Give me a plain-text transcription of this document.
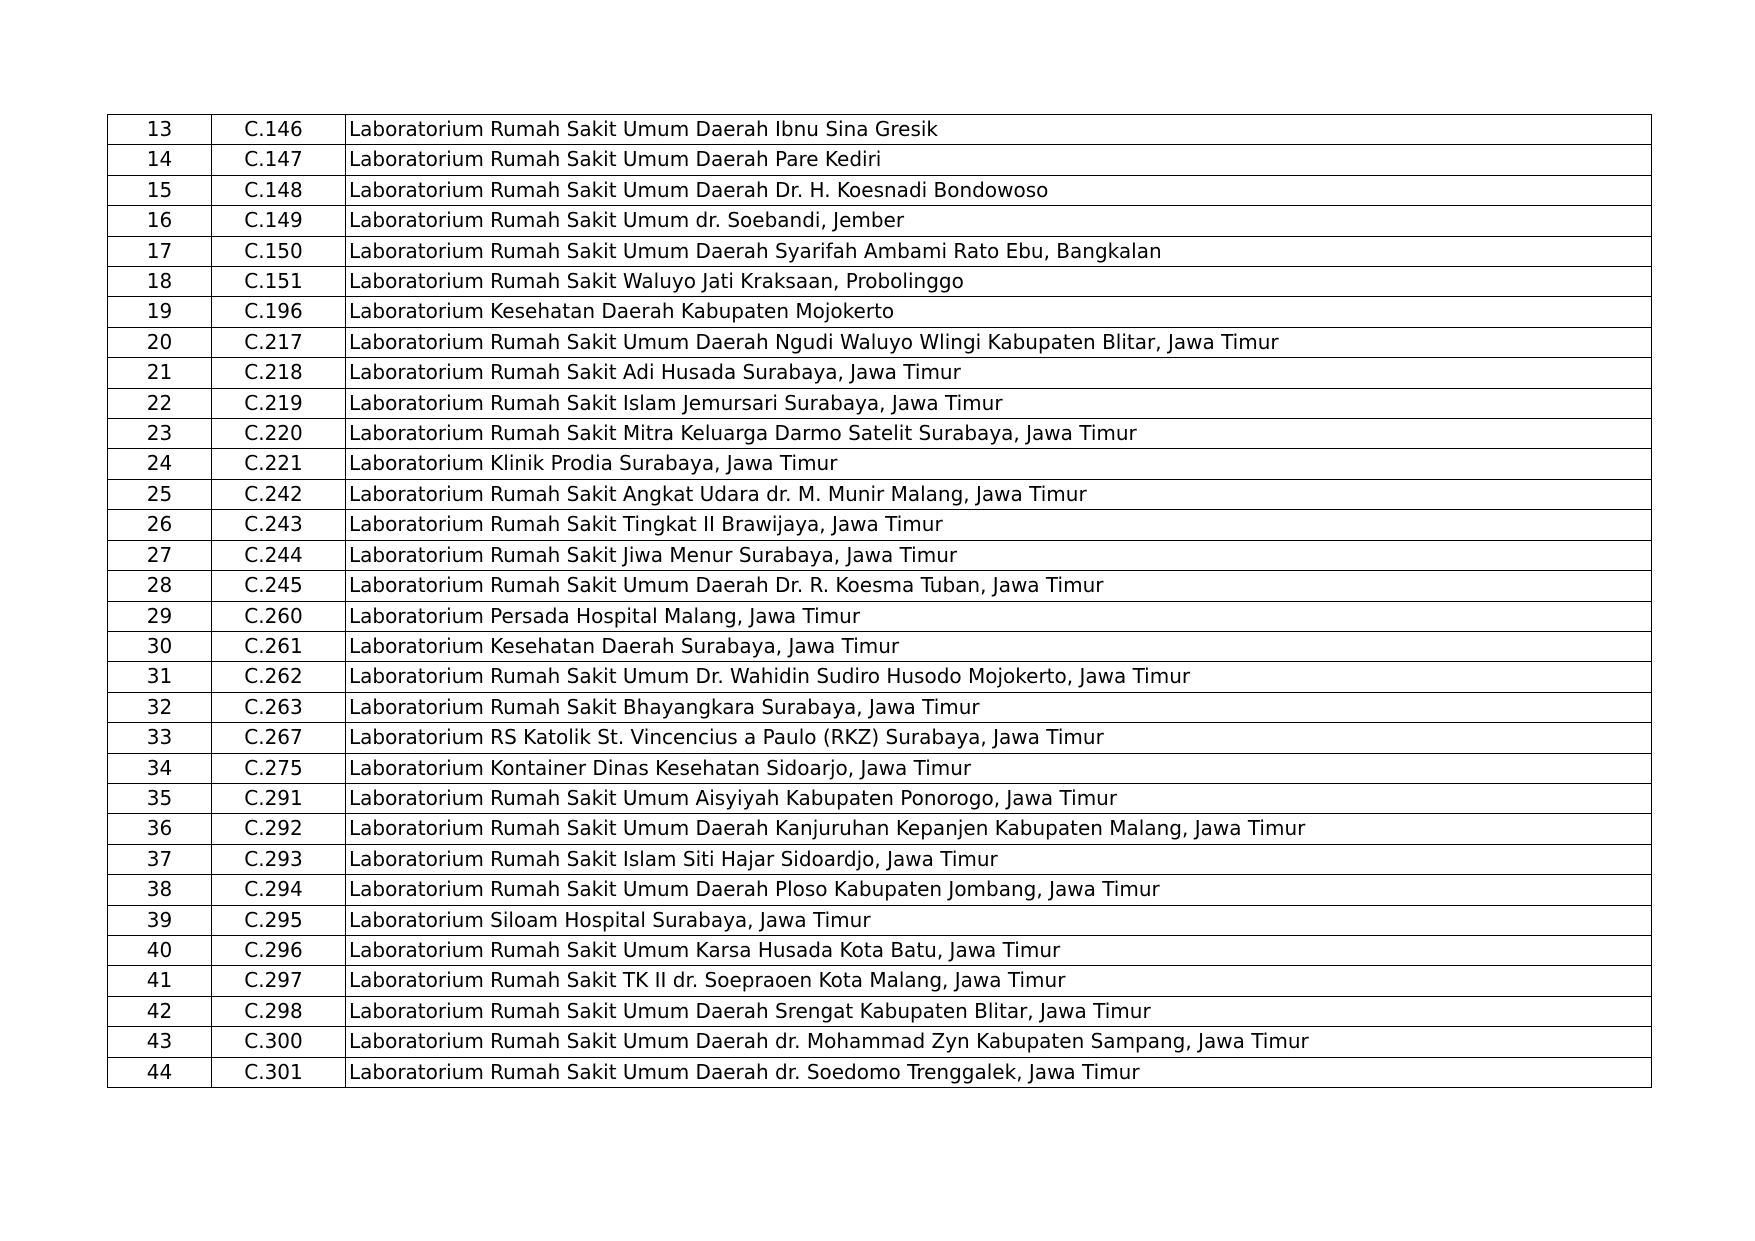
13	C.146	Laboratorium Rumah Sakit Umum Daerah Ibnu Sina Gresik
14	C.147	Laboratorium Rumah Sakit Umum Daerah Pare Kediri
15	C.148	Laboratorium Rumah Sakit Umum Daerah Dr. H. Koesnadi Bondowoso
16	C.149	Laboratorium Rumah Sakit Umum dr. Soebandi, Jember
17	C.150	Laboratorium Rumah Sakit Umum Daerah Syarifah Ambami Rato Ebu, Bangkalan
18	C.151	Laboratorium Rumah Sakit Waluyo Jati Kraksaan, Probolinggo
19	C.196	Laboratorium Kesehatan Daerah Kabupaten Mojokerto
20	C.217	Laboratorium Rumah Sakit Umum Daerah Ngudi Waluyo Wlingi Kabupaten Blitar, Jawa Timur
21	C.218	Laboratorium Rumah Sakit Adi Husada Surabaya, Jawa Timur
22	C.219	Laboratorium Rumah Sakit Islam Jemursari Surabaya, Jawa Timur
23	C.220	Laboratorium Rumah Sakit Mitra Keluarga Darmo Satelit Surabaya, Jawa Timur
24	C.221	Laboratorium Klinik Prodia Surabaya, Jawa Timur
25	C.242	Laboratorium Rumah Sakit Angkat Udara dr. M. Munir Malang, Jawa Timur
26	C.243	Laboratorium Rumah Sakit Tingkat II Brawijaya, Jawa Timur
27	C.244	Laboratorium Rumah Sakit Jiwa Menur Surabaya, Jawa Timur
28	C.245	Laboratorium Rumah Sakit Umum Daerah Dr. R. Koesma Tuban, Jawa Timur
29	C.260	Laboratorium Persada Hospital Malang, Jawa Timur
30	C.261	Laboratorium Kesehatan Daerah Surabaya, Jawa Timur
31	C.262	Laboratorium Rumah Sakit Umum Dr. Wahidin Sudiro Husodo Mojokerto, Jawa Timur
32	C.263	Laboratorium Rumah Sakit Bhayangkara Surabaya, Jawa Timur
33	C.267	Laboratorium RS Katolik St. Vincencius a Paulo (RKZ) Surabaya, Jawa Timur
34	C.275	Laboratorium Kontainer Dinas Kesehatan Sidoarjo, Jawa Timur
35	C.291	Laboratorium Rumah Sakit Umum Aisyiyah Kabupaten Ponorogo, Jawa Timur
36	C.292	Laboratorium Rumah Sakit Umum Daerah Kanjuruhan Kepanjen Kabupaten Malang, Jawa Timur
37	C.293	Laboratorium Rumah Sakit Islam Siti Hajar Sidoardjo, Jawa Timur
38	C.294	Laboratorium Rumah Sakit Umum Daerah Ploso Kabupaten Jombang, Jawa Timur
39	C.295	Laboratorium Siloam Hospital Surabaya, Jawa Timur
40	C.296	Laboratorium Rumah Sakit Umum Karsa Husada Kota Batu, Jawa Timur
41	C.297	Laboratorium Rumah Sakit TK II dr. Soepraoen Kota Malang, Jawa Timur
42	C.298	Laboratorium Rumah Sakit Umum Daerah Srengat Kabupaten Blitar, Jawa Timur
43	C.300	Laboratorium Rumah Sakit Umum Daerah dr. Mohammad Zyn Kabupaten Sampang, Jawa Timur
44	C.301	Laboratorium Rumah Sakit Umum Daerah dr. Soedomo Trenggalek, Jawa Timur
